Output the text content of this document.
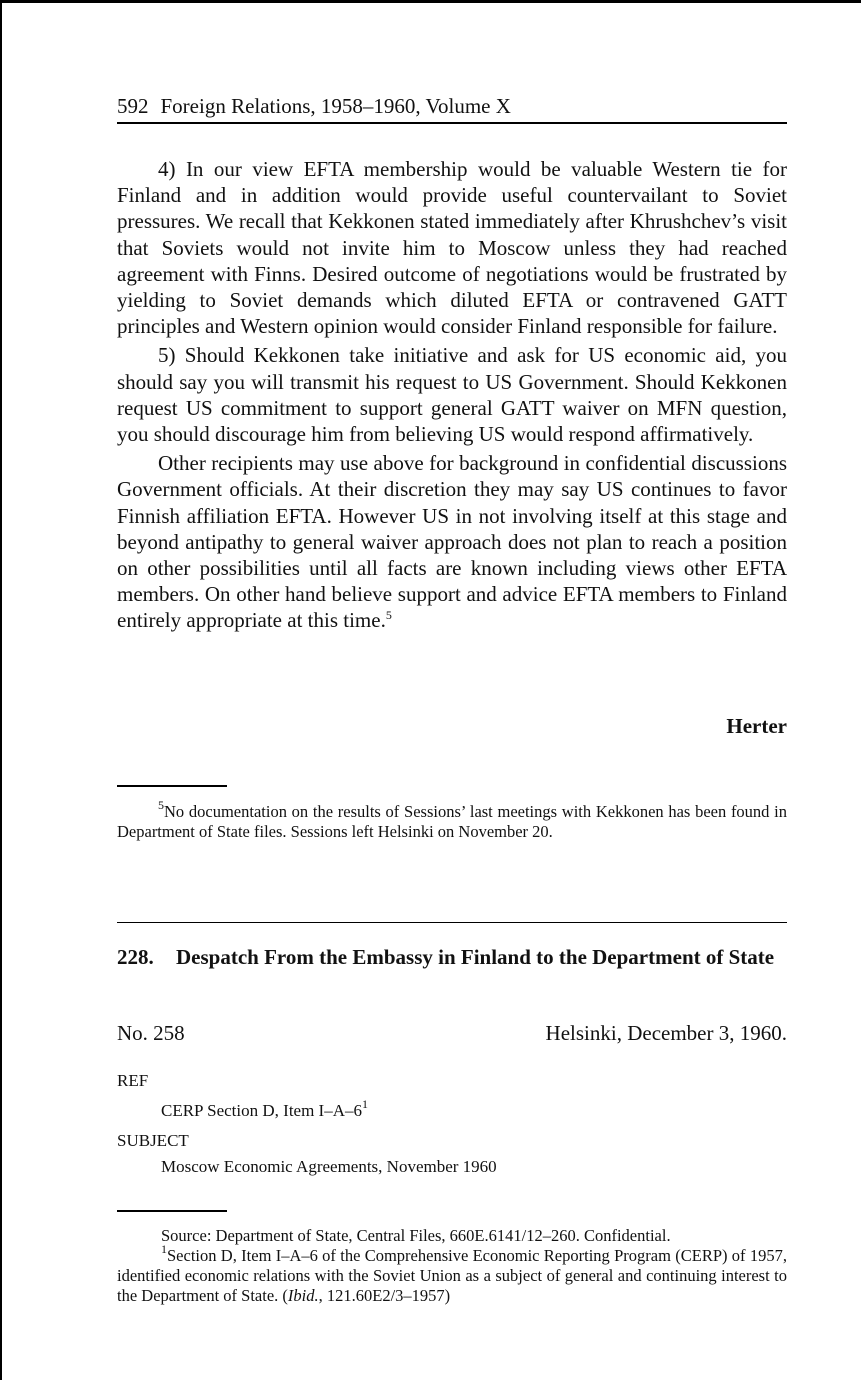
592 Foreign Relations, 1958–1960, Volume X

4) In our view EFTA membership would be valuable Western tie for Finland and in addition would provide useful countervailant to Soviet pressures. We recall that Kekkonen stated immediately after Khrushchev’s visit that Soviets would not invite him to Moscow unless they had reached agreement with Finns. Desired outcome of negotiations would be frustrated by yielding to Soviet demands which diluted EFTA or contravened GATT principles and Western opinion would consider Finland responsible for failure.

5) Should Kekkonen take initiative and ask for US economic aid, you should say you will transmit his request to US Government. Should Kekkonen request US commitment to support general GATT waiver on MFN question, you should discourage him from believing US would respond affirmatively.

Other recipients may use above for background in confidential discussions Government officials. At their discretion they may say US continues to favor Finnish affiliation EFTA. However US in not involving itself at this stage and beyond antipathy to general waiver approach does not plan to reach a position on other possibilities until all facts are known including views other EFTA members. On other hand believe support and advice EFTA members to Finland entirely appropriate at this time.$^5$

Herter

$^5$No documentation on the results of Sessions’ last meetings with Kekkonen has been found in Department of State files. Sessions left Helsinki on November 20.

228.	Despatch From the Embassy in Finland to the Department of State
No. 258	Helsinki, December 3, 1960.
REF
CERP Section D, Item $I-A-6^1$
SUBJECT
Moscow Economic Agreements, November 1960

Source: Department of State, Central Files, 660E.6141/12–260. Confidential.

$^1$Section D, Item I–A–6 of the Comprehensive Economic Reporting Program (CERP) of 1957, identified economic relations with the Soviet Union as a subject of general and continuing interest to the Department of State. (Ibid., 121.60E2/3–1957)
